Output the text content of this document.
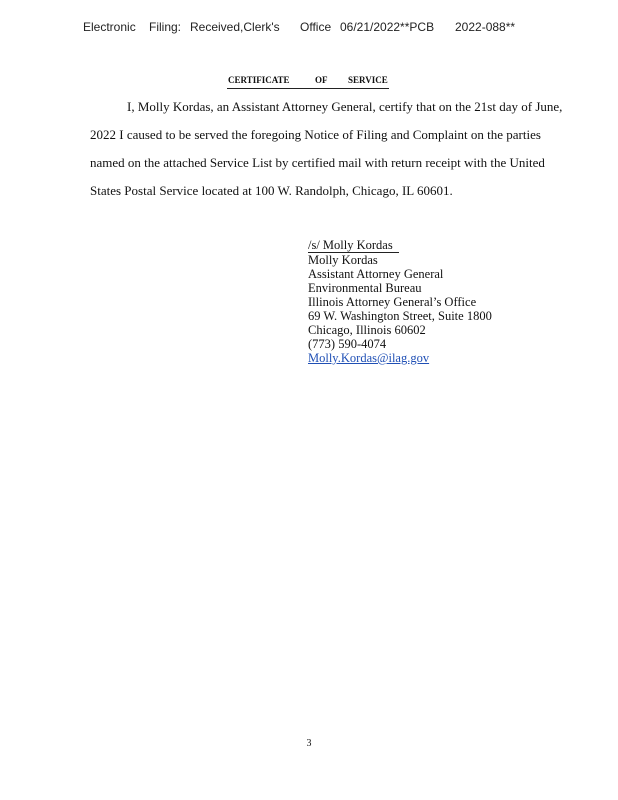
Electronic Filing: Received,Clerk's Office 06/21/2022**PCB 2022-088**
CERTIFICATE	OF SERVICE
I, Molly Kordas, an Assistant Attorney General, certify that on the 21st day of June,
2022 I caused to be served the foregoing Notice of Filing and Complaint on the parties
named on the attached Service List by certified mail with return receipt with the United
States Postal Service located at 100 W. Randolph, Chicago, IL 60601.
/s/ Molly Kordas
Molly Kordas
Assistant Attorney General
Environmental Bureau
Illinois Attorney General’s Office
69 W. Washington Street, Suite 1800
Chicago, Illinois 60602
(773) 590-4074
Molly.Kordas@ilag.gov
3
